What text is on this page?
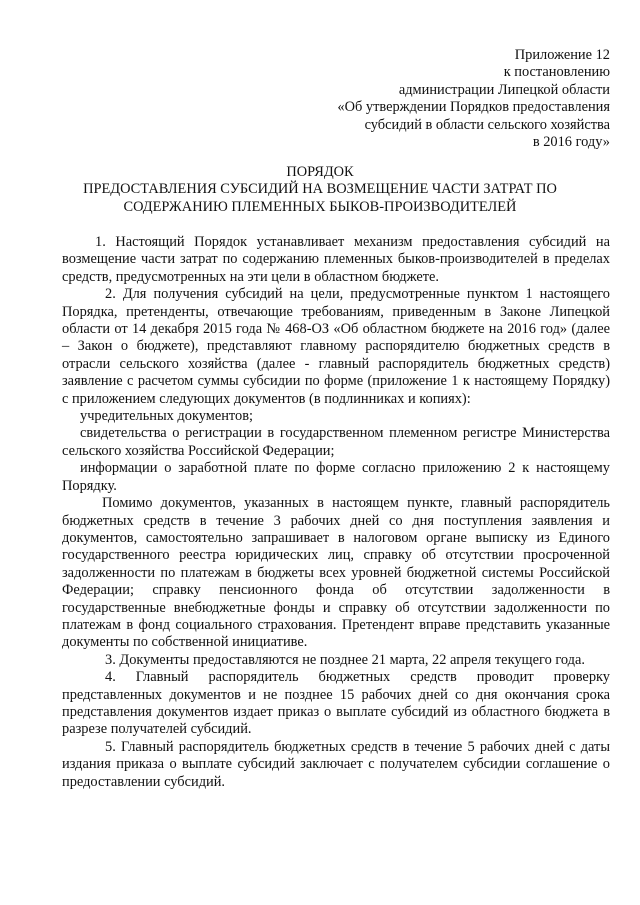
Приложение 12
к постановлению
администрации Липецкой области
«Об утверждении Порядков предоставления
субсидий в области сельского хозяйства
в 2016 году»
ПОРЯДОК
ПРЕДОСТАВЛЕНИЯ СУБСИДИЙ НА ВОЗМЕЩЕНИЕ ЧАСТИ ЗАТРАТ ПО
СОДЕРЖАНИЮ ПЛЕМЕННЫХ БЫКОВ-ПРОИЗВОДИТЕЛЕЙ

1. Настоящий Порядок устанавливает механизм предоставления субсидий на возмещение части затрат по содержанию племенных быков-производителей в пределах средств, предусмотренных на эти цели в областном бюджете.

2. Для получения субсидий на цели, предусмотренные пунктом 1 настоящего Порядка, претенденты, отвечающие требованиям, приведенным в Законе Липецкой области от 14 декабря 2015 года № 468-ОЗ «Об областном бюджете на 2016 год» (далее – Закон о бюджете), представляют главному распорядителю бюджетных средств в отрасли сельского хозяйства (далее - главный распорядитель бюджетных средств) заявление с расчетом суммы субсидии по форме (приложение 1 к настоящему Порядку) с приложением следующих документов (в подлинниках и копиях):

учредительных документов;

свидетельства о регистрации в государственном племенном регистре Министерства сельского хозяйства Российской Федерации;

информации о заработной плате по форме согласно приложению 2 к настоящему Порядку.

Помимо документов, указанных в настоящем пункте, главный распорядитель бюджетных средств в течение 3 рабочих дней со дня поступления заявления и документов, самостоятельно запрашивает в налоговом органе выписку из Единого государственного реестра юридических лиц, справку об отсутствии просроченной задолженности по платежам в бюджеты всех уровней бюджетной системы Российской Федерации; справку пенсионного фонда об отсутствии задолженности в государственные внебюджетные фонды и справку об отсутствии задолженности по платежам в фонд социального страхования. Претендент вправе представить указанные документы по собственной инициативе.

3. Документы предоставляются не позднее 21 марта, 22 апреля текущего года.

4. Главный распорядитель бюджетных средств проводит проверку представленных документов и не позднее 15 рабочих дней со дня окончания срока представления документов издает приказ о выплате субсидий из областного бюджета в разрезе получателей субсидий.

5. Главный распорядитель бюджетных средств в течение 5 рабочих дней с даты издания приказа о выплате субсидий заключает с получателем субсидии соглашение о предоставлении субсидий.
